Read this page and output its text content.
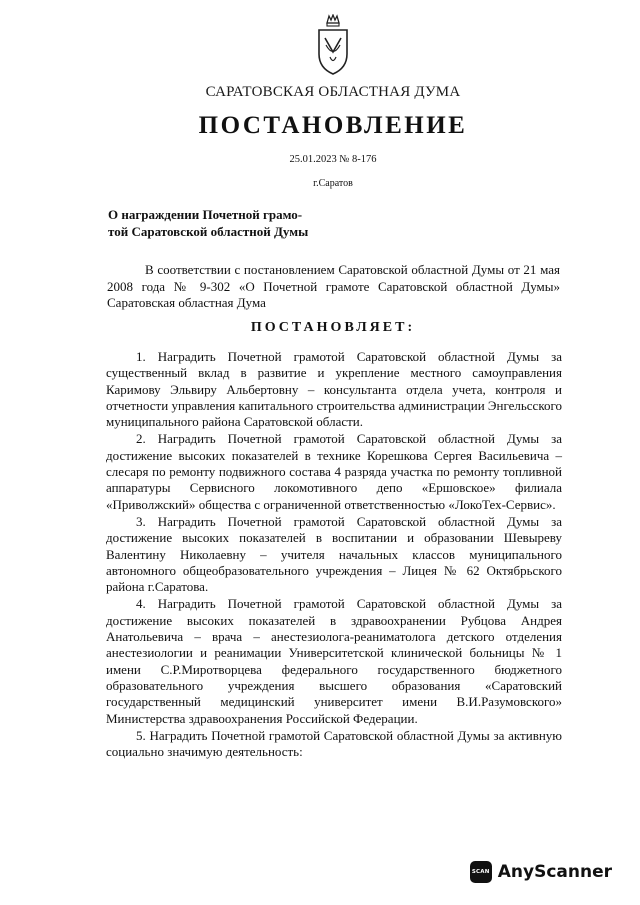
САРАТОВСКАЯ ОБЛАСТНАЯ ДУМА
ПОСТАНОВЛЕНИЕ
25.01.2023 № 8-176
г.Саратов
О награждении Почетной грамо-
той Саратовской областной Думы

В соответствии с постановлением Саратовской областной Думы от 21 мая 2008 года № 9-302 «О Почетной грамоте Саратовской областной Думы» Саратовская областная Дума

ПОСТАНОВЛЯЕТ:

1. Наградить Почетной грамотой Саратовской областной Думы за существенный вклад в развитие и укрепление местного самоуправления Каримову Эльвиру Альбертовну – консультанта отдела учета, контроля и отчетности управления капитального строительства администрации Энгельсского муниципального района Саратовской области.

2. Наградить Почетной грамотой Саратовской областной Думы за достижение высоких показателей в технике Корешкова Сергея Васильевича – слесаря по ремонту подвижного состава 4 разряда участка по ремонту топливной аппаратуры Сервисного локомотивного депо «Ершовское» филиала «Приволжский» общества с ограниченной ответственностью «ЛокоТех-Сервис».

3. Наградить Почетной грамотой Саратовской областной Думы за достижение высоких показателей в воспитании и образовании Шевыреву Валентину Николаевну – учителя начальных классов муниципального автономного общеобразовательного учреждения – Лицея № 62 Октябрьского района г.Саратова.

4. Наградить Почетной грамотой Саратовской областной Думы за достижение высоких показателей в здравоохранении Рубцова Андрея Анатольевича – врача – анестезиолога-реаниматолога детского отделения анестезиологии и реанимации Университетской клинической больницы № 1 имени С.Р.Миротворцева федерального государственного бюджетного образовательного учреждения высшего образования «Саратовский государственный медицинский университет имени В.И.Разумовского» Министерства здравоохранения Российской Федерации.

5. Наградить Почетной грамотой Саратовской областной Думы за активную социально значимую деятельность:

SCAN AnyScanner
